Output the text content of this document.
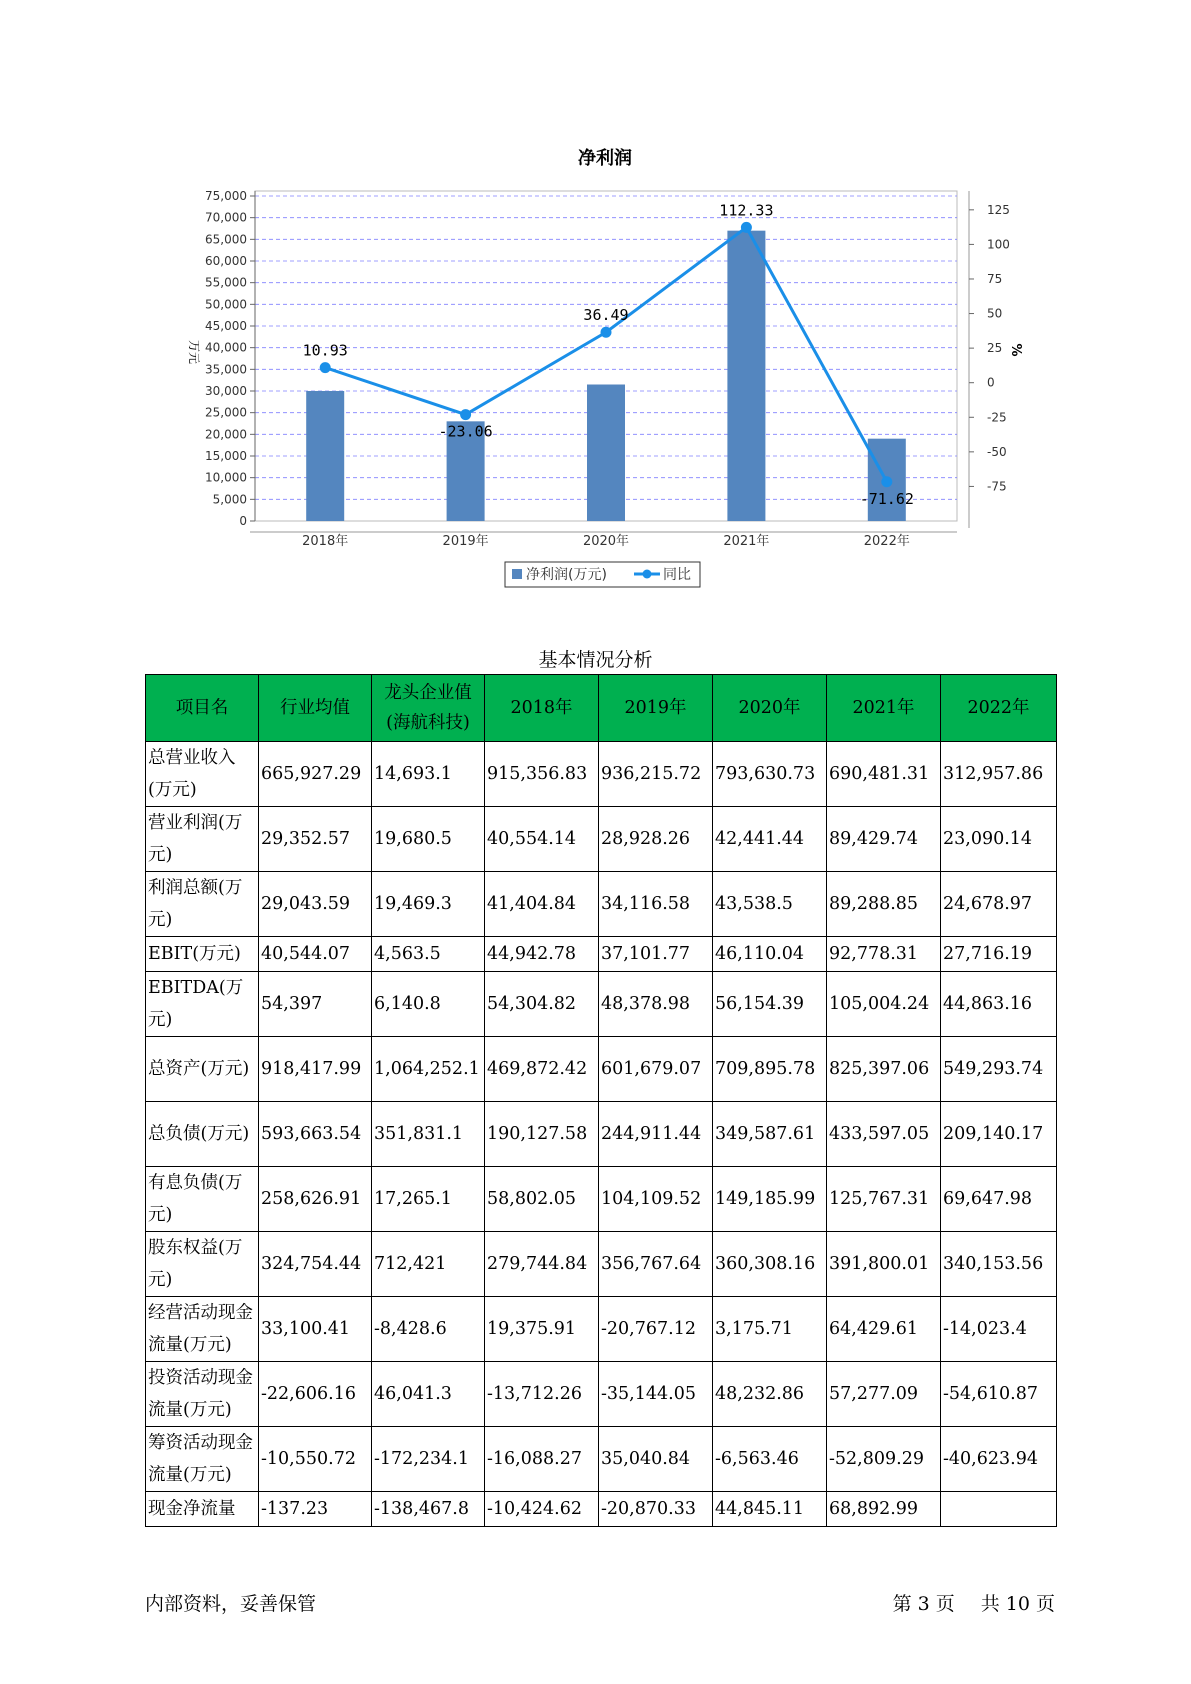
净利润
0
5,000
10,000
15,000
20,000
25,000
30,000
35,000
40,000
45,000
50,000
55,000
60,000
65,000
70,000
75,000
-75
-50
-25
0
25
50
75
100
125
万元	%
2018年	2019年	2020年	2021年	2022年
10.93
-23.06
36.49
112.33
-71.62
净利润(万元)	同比
基本情况分析
项目名	行业均值	龙头企业值(海航科技)	2018年	2019年	2020年	2021年	2022年
总营业收入(万元)	665,927.29	14,693.1	915,356.83	936,215.72	793,630.73	690,481.31	312,957.86
营业利润(万元)	29,352.57	19,680.5	40,554.14	28,928.26	42,441.44	89,429.74	23,090.14
利润总额(万元)	29,043.59	19,469.3	41,404.84	34,116.58	43,538.5	89,288.85	24,678.97
EBIT(万元)	40,544.07	4,563.5	44,942.78	37,101.77	46,110.04	92,778.31	27,716.19
EBITDA(万元)	54,397	6,140.8	54,304.82	48,378.98	56,154.39	105,004.24	44,863.16
总资产(万元)	918,417.99	1,064,252.1	469,872.42	601,679.07	709,895.78	825,397.06	549,293.74
总负债(万元)	593,663.54	351,831.1	190,127.58	244,911.44	349,587.61	433,597.05	209,140.17
有息负债(万元)	258,626.91	17,265.1	58,802.05	104,109.52	149,185.99	125,767.31	69,647.98
股东权益(万元)	324,754.44	712,421	279,744.84	356,767.64	360,308.16	391,800.01	340,153.56
经营活动现金流量(万元)	33,100.41	-8,428.6	19,375.91	-20,767.12	3,175.71	64,429.61	-14,023.4
投资活动现金流量(万元)	-22,606.16	46,041.3	-13,712.26	-35,144.05	48,232.86	57,277.09	-54,610.87
筹资活动现金流量(万元)	-10,550.72	-172,234.1	-16,088.27	35,040.84	-6,563.46	-52,809.29	-40,623.94
现金净流量	-137.23	-138,467.8	-10,424.62	-20,870.33	44,845.11	68,892.99	
内部资料，妥善保管	第 3 页 共 10 页
